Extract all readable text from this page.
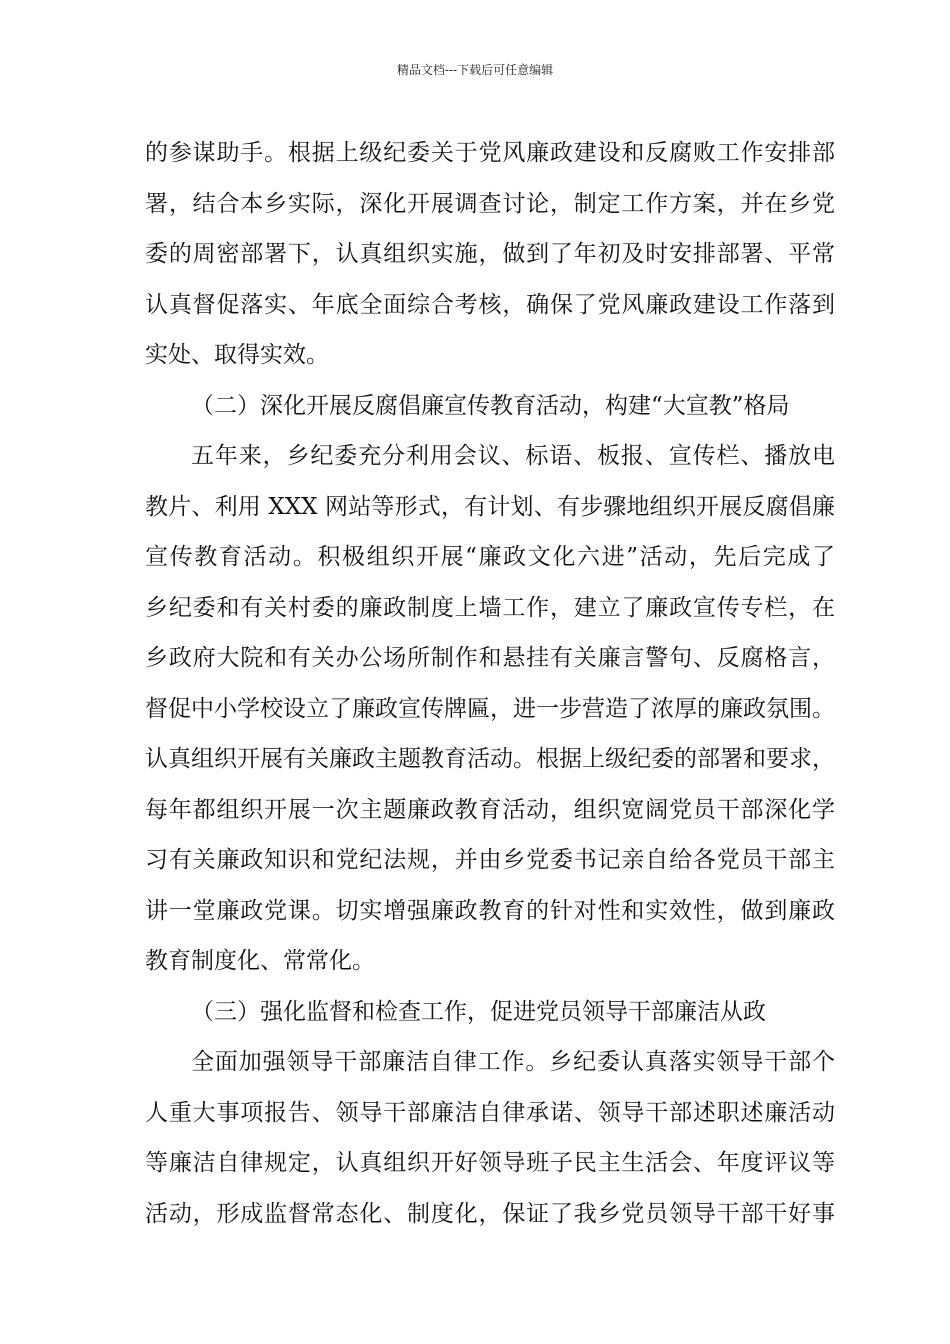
精品文档---下载后可任意编辑
的参谋助手。根据上级纪委关于党风廉政建设和反腐败工作安排部
署，结合本乡实际，深化开展调查讨论，制定工作方案，并在乡党
委的周密部署下，认真组织实施，做到了年初及时安排部署、平常
认真督促落实、年底全面综合考核，确保了党风廉政建设工作落到
实处、取得实效。
（二）深化开展反腐倡廉宣传教育活动，构建“大宣教”格局
五年来，乡纪委充分利用会议、标语、板报、宣传栏、播放电
教片、利用 XXX 网站等形式，有计划、有步骤地组织开展反腐倡廉
宣传教育活动。积极组织开展“廉政文化六进”活动，先后完成了
乡纪委和有关村委的廉政制度上墙工作，建立了廉政宣传专栏，在
乡政府大院和有关办公场所制作和悬挂有关廉言警句、反腐格言，
督促中小学校设立了廉政宣传牌匾，进一步营造了浓厚的廉政氛围。
认真组织开展有关廉政主题教育活动。根据上级纪委的部署和要求，
每年都组织开展一次主题廉政教育活动，组织宽阔党员干部深化学
习有关廉政知识和党纪法规，并由乡党委书记亲自给各党员干部主
讲一堂廉政党课。切实增强廉政教育的针对性和实效性，做到廉政
教育制度化、常常化。
（三）强化监督和检查工作，促进党员领导干部廉洁从政
全面加强领导干部廉洁自律工作。乡纪委认真落实领导干部个
人重大事项报告、领导干部廉洁自律承诺、领导干部述职述廉活动
等廉洁自律规定，认真组织开好领导班子民主生活会、年度评议等
活动，形成监督常态化、制度化，保证了我乡党员领导干部干好事
